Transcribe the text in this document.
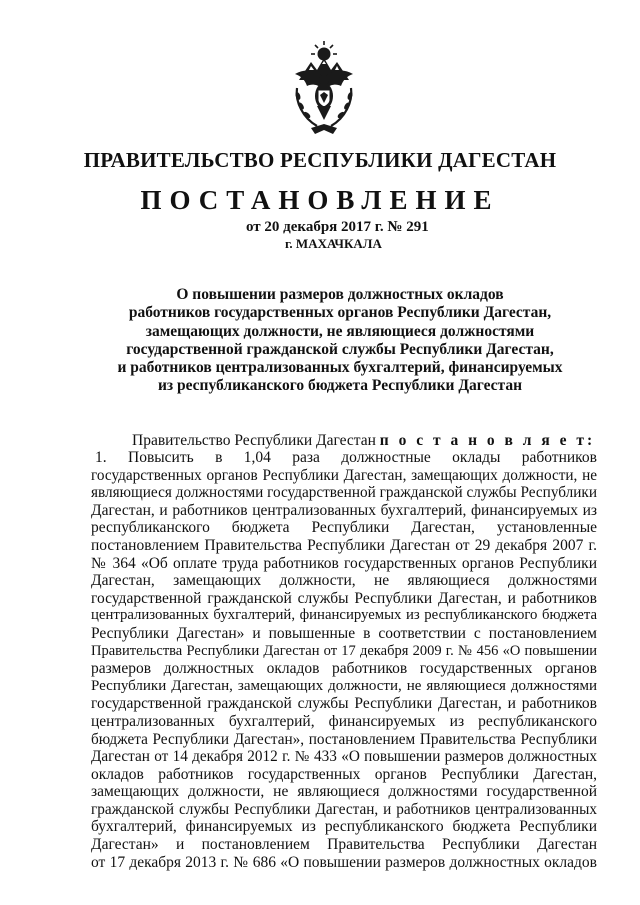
ПРАВИТЕЛЬСТВО РЕСПУБЛИКИ ДАГЕСТАН
ПОСТАНОВЛЕНИЕ
от 20 декабря 2017 г. № 291
г. МАХАЧКАЛА
О повышении размеров должностных окладов
работников государственных органов Республики Дагестан,
замещающих должности, не являющиеся должностями
государственной гражданской службы Республики Дагестан,
и работников централизованных бухгалтерий, финансируемых
из республиканского бюджета Республики Дагестан
Правительство Республики Дагестан п о с т а н о в л я е т:
1. Повысить в 1,04 раза должностные оклады работников
государственных органов Республики Дагестан, замещающих должности, не
являющиеся должностями государственной гражданской службы Республики
Дагестан, и работников централизованных бухгалтерий, финансируемых из
республиканского бюджета Республики Дагестан, установленные
постановлением Правительства Республики Дагестан от 29 декабря 2007 г.
№ 364 «Об оплате труда работников государственных органов Республики
Дагестан, замещающих должности, не являющиеся должностями
государственной гражданской службы Республики Дагестан, и работников
централизованных бухгалтерий, финансируемых из республиканского бюджета
Республики Дагестан» и повышенные в соответствии с постановлением
Правительства Республики Дагестан от 17 декабря 2009 г. № 456 «О повышении
размеров должностных окладов работников государственных органов
Республики Дагестан, замещающих должности, не являющиеся должностями
государственной гражданской службы Республики Дагестан, и работников
централизованных бухгалтерий, финансируемых из республиканского
бюджета Республики Дагестан», постановлением Правительства Республики
Дагестан от 14 декабря 2012 г. № 433 «О повышении размеров должностных
окладов работников государственных органов Республики Дагестан,
замещающих должности, не являющиеся должностями государственной
гражданской службы Республики Дагестан, и работников централизованных
бухгалтерий, финансируемых из республиканского бюджета Республики
Дагестан» и постановлением Правительства Республики Дагестан
от 17 декабря 2013 г. № 686 «О повышении размеров должностных окладов
